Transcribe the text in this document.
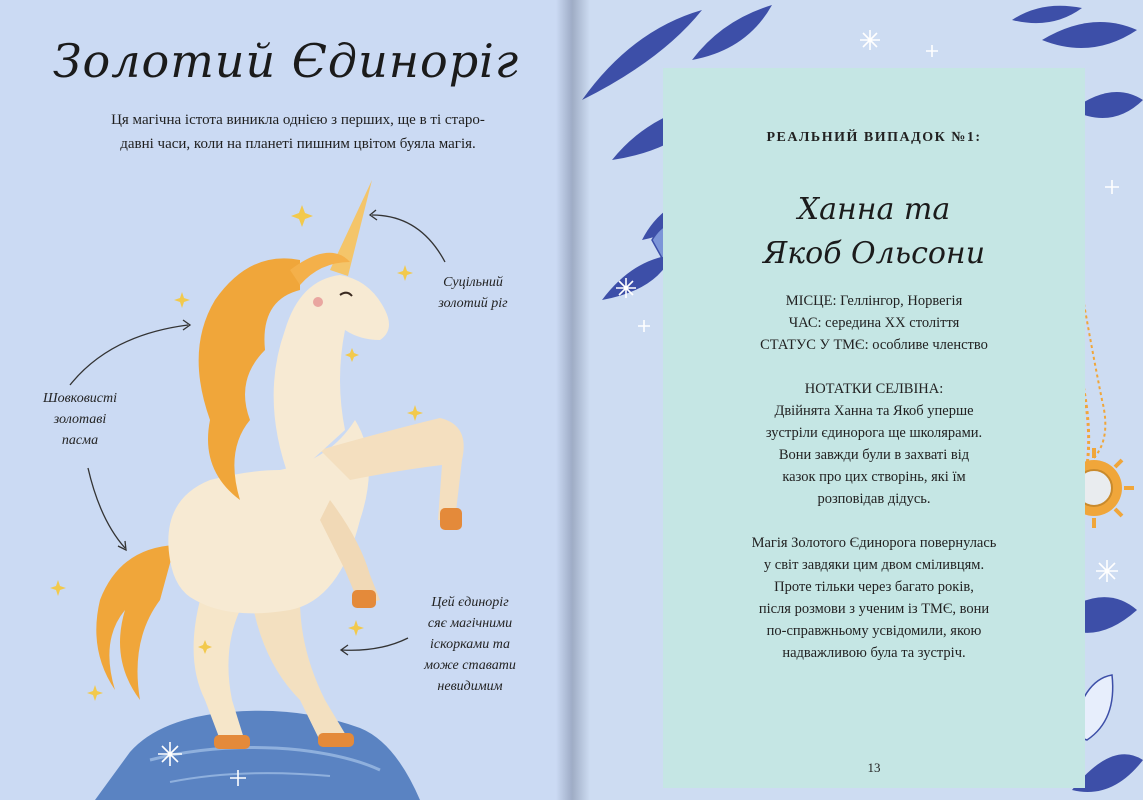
Золотий Єдиноріг
Ця магічна істота виникла однією з перших, ще в ті старо-
давні часи, коли на планеті пишним цвітом буяла магія.
Суцільний
золотий ріг
Шовковисті
золотаві
пасма
Цей єдиноріг
сяє магічними
іскорками та
може ставати
невидимим
РЕАЛЬНИЙ ВИПАДОК №1:
Ханна та
Якоб Ольсони
МІСЦЕ: Геллінгор, Норвегія
ЧАС: середина XX століття
СТАТУС У ТМЄ: особливе членство
НОТАТКИ СЕЛВІНА:
Двійнята Ханна та Якоб уперше
зустріли єдинорога ще школярами.
Вони завжди були в захваті від
казок про цих створінь, які їм
розповідав дідусь.
Магія Золотого Єдинорога повернулась
у світ завдяки цим двом сміливцям.
Проте тільки через багато років,
після розмови з ученим із ТМЄ, вони
по-справжньому усвідомили, якою
надважливою була та зустріч.
13
